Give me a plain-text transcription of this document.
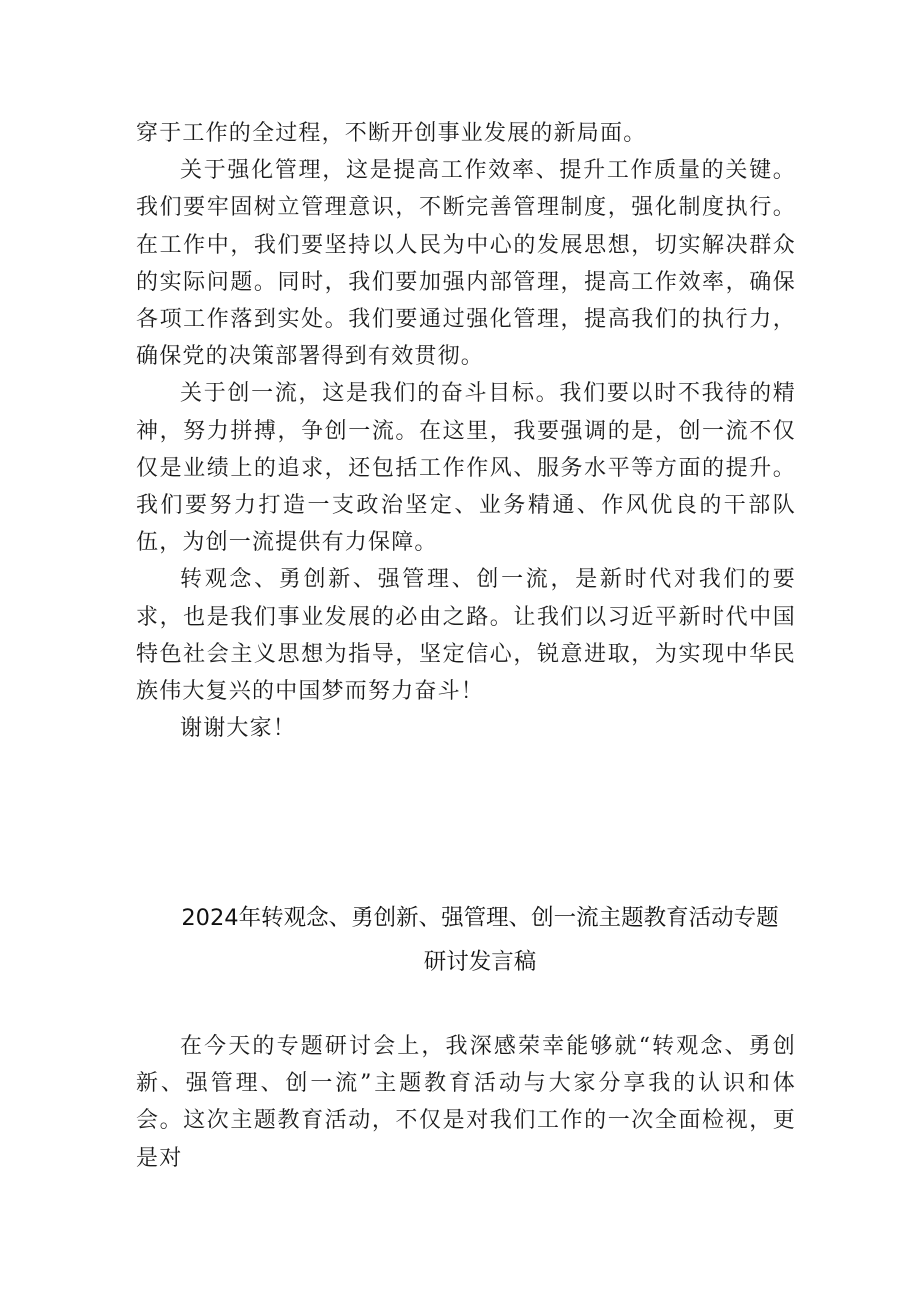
穿于工作的全过程，不断开创事业发展的新局面。

关于强化管理，这是提高工作效率、提升工作质量的关键。我们要牢固树立管理意识，不断完善管理制度，强化制度执行。在工作中，我们要坚持以人民为中心的发展思想，切实解决群众的实际问题。同时，我们要加强内部管理，提高工作效率，确保各项工作落到实处。我们要通过强化管理，提高我们的执行力，确保党的决策部署得到有效贯彻。

关于创一流，这是我们的奋斗目标。我们要以时不我待的精神，努力拼搏，争创一流。在这里，我要强调的是，创一流不仅仅是业绩上的追求，还包括工作作风、服务水平等方面的提升。我们要努力打造一支政治坚定、业务精通、作风优良的干部队伍，为创一流提供有力保障。

转观念、勇创新、强管理、创一流，是新时代对我们的要求，也是我们事业发展的必由之路。让我们以习近平新时代中国特色社会主义思想为指导，坚定信心，锐意进取，为实现中华民族伟大复兴的中国梦而努力奋斗！

谢谢大家！

2024年转观念、勇创新、强管理、创一流主题教育活动专题
研讨发言稿

在今天的专题研讨会上，我深感荣幸能够就“转观念、勇创新、强管理、创一流”主题教育活动与大家分享我的认识和体会。这次主题教育活动，不仅是对我们工作的一次全面检视，更是对
